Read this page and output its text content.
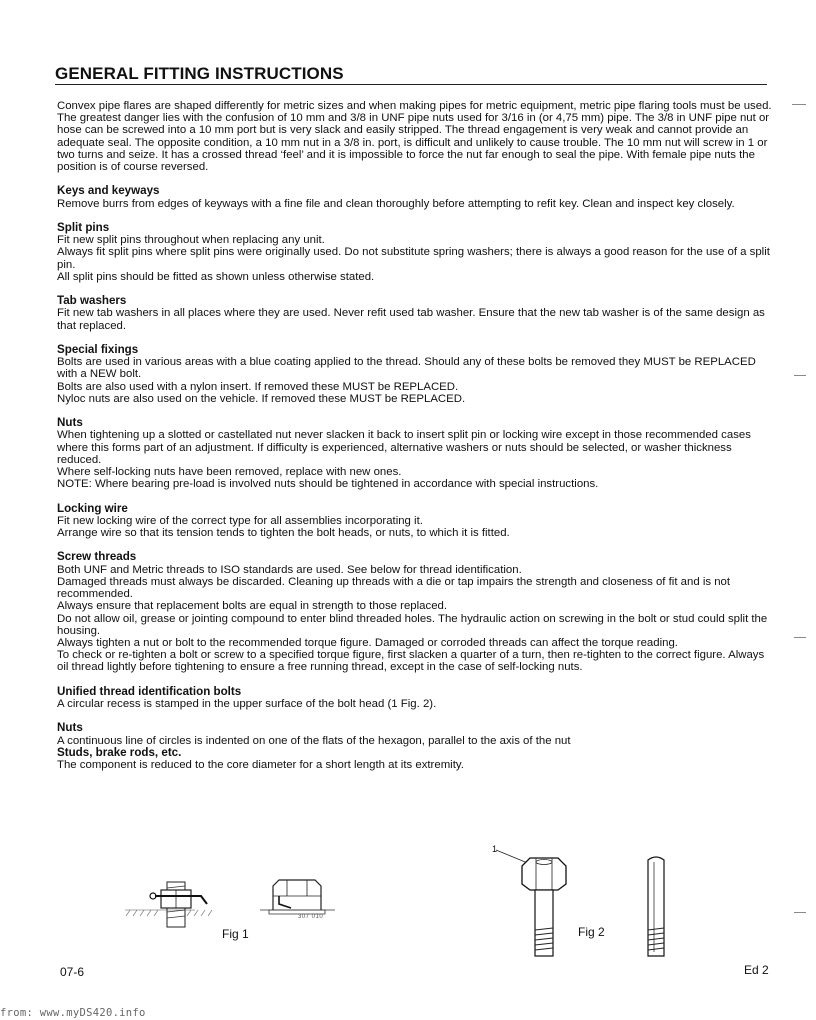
GENERAL FITTING INSTRUCTIONS

Convex pipe flares are shaped differently for metric sizes and when making pipes for metric equipment, metric pipe flaring tools must be used.

The greatest danger lies with the confusion of 10 mm and 3/8 in UNF pipe nuts used for 3/16 in (or 4,75 mm) pipe. The 3/8 in UNF pipe nut or hose can be screwed into a 10 mm port but is very slack and easily stripped. The thread engagement is very weak and cannot provide an adequate seal. The opposite condition, a 10 mm nut in a 3/8 in. port, is difficult and unlikely to cause trouble. The 10 mm nut will screw in 1 or two turns and seize. It has a crossed thread ‘feel’ and it is impossible to force the nut far enough to seal the pipe. With female pipe nuts the position is of course reversed.

Keys and keyways

Remove burrs from edges of keyways with a fine file and clean thoroughly before attempting to refit key. Clean and inspect key closely.

Split pins

Fit new split pins throughout when replacing any unit.

Always fit split pins where split pins were originally used. Do not substitute spring washers; there is always a good reason for the use of a split pin.

All split pins should be fitted as shown unless otherwise stated.

Tab washers

Fit new tab washers in all places where they are used. Never refit used tab washer. Ensure that the new tab washer is of the same design as that replaced.

Special fixings

Bolts are used in various areas with a blue coating applied to the thread. Should any of these bolts be removed they MUST be REPLACED with a NEW bolt.

Bolts are also used with a nylon insert. If removed these MUST be REPLACED.

Nyloc nuts are also used on the vehicle. If removed these MUST be REPLACED.

Nuts

When tightening up a slotted or castellated nut never slacken it back to insert split pin or locking wire except in those recommended cases where this forms part of an adjustment. If difficulty is experienced, alternative washers or nuts should be selected, or washer thickness reduced.

Where self-locking nuts have been removed, replace with new ones.

NOTE: Where bearing pre-load is involved nuts should be tightened in accordance with special instructions.

Locking wire

Fit new locking wire of the correct type for all assemblies incorporating it.

Arrange wire so that its tension tends to tighten the bolt heads, or nuts, to which it is fitted.

Screw threads

Both UNF and Metric threads to ISO standards are used. See below for thread identification.

Damaged threads must always be discarded. Cleaning up threads with a die or tap impairs the strength and closeness of fit and is not recommended.

Always ensure that replacement bolts are equal in strength to those replaced.

Do not allow oil, grease or jointing compound to enter blind threaded holes. The hydraulic action on screwing in the bolt or stud could split the housing.

Always tighten a nut or bolt to the recommended torque figure. Damaged or corroded threads can affect the torque reading.

To check or re-tighten a bolt or screw to a specified torque figure, first slacken a quarter of a turn, then re-tighten to the correct figure. Always oil thread lightly before tightening to ensure a free running thread, except in the case of self-locking nuts.

Unified thread identification bolts

A circular recess is stamped in the upper surface of the bolt head (1 Fig. 2).

Nuts

A continuous line of circles is indented on one of the flats of the hexagon, parallel to the axis of the nut

Studs, brake rods, etc.

The component is reduced to the core diameter for a short length at its extremity.

307 010
Fig 1
1
Fig 2
07-6	Ed 2
from: www.myDS420.info
